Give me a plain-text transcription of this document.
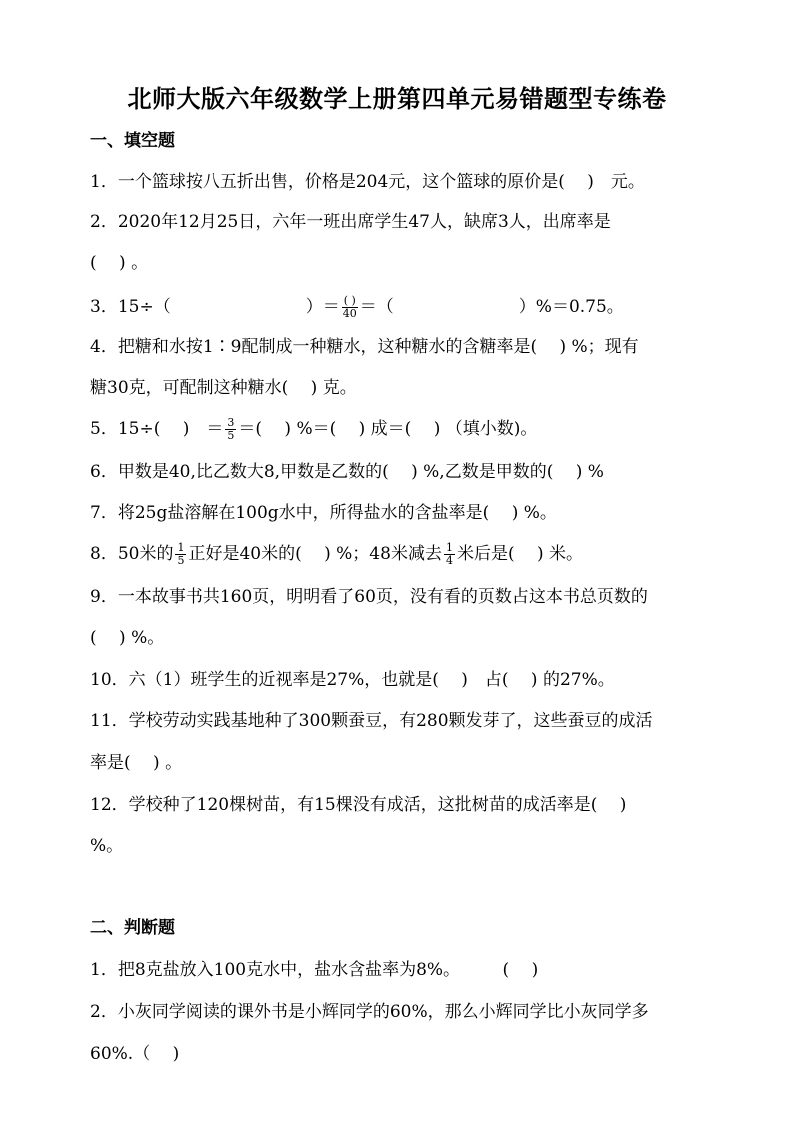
北师大版六年级数学上册第四单元易错题型专练卷
一、填空题
1．一个篮球按八五折出售，价格是204元，这个篮球的原价是(　 )　元。
2．2020年12月25日，六年一班出席学生47人，缺席3人，出席率是
(　 ) 。
3．15÷（	）＝ $\frac{( )}{40}$ ＝（	）%＝0.75。
4．把糖和水按1∶9配制成一种糖水，这种糖水的含糖率是(　 ) %；现有
糖30克，可配制这种糖水(　 ) 克。
5．15÷(　 )　＝ $\frac{3}{5}$ ＝(　 ) %＝(　 ) 成＝(　 ) （填小数)。
6．甲数是40,比乙数大8,甲数是乙数的(　 ) %,乙数是甲数的(　 ) %
7．将25g盐溶解在100g水中，所得盐水的含盐率是(　 ) %。
8．50米的 $\frac{1}{5}$ 正好是40米的(　 ) %；48米减去 $\frac{1}{4}$ 米后是(　 ) 米。
9．一本故事书共160页，明明看了60页，没有看的页数占这本书总页数的
(　 ) %。
10．六（1）班学生的近视率是27%，也就是(　 )　占(　 ) 的27%。
11．学校劳动实践基地种了300颗蚕豆，有280颗发芽了，这些蚕豆的成活
率是(　 ) 。
12．学校种了120棵树苗，有15棵没有成活，这批树苗的成活率是(　 )
%。
二、判断题
1．把8克盐放入100克水中，盐水含盐率为8%。　　　(　 )
2．小灰同学阅读的课外书是小辉同学的60%，那么小辉同学比小灰同学多
60%.（　 )
